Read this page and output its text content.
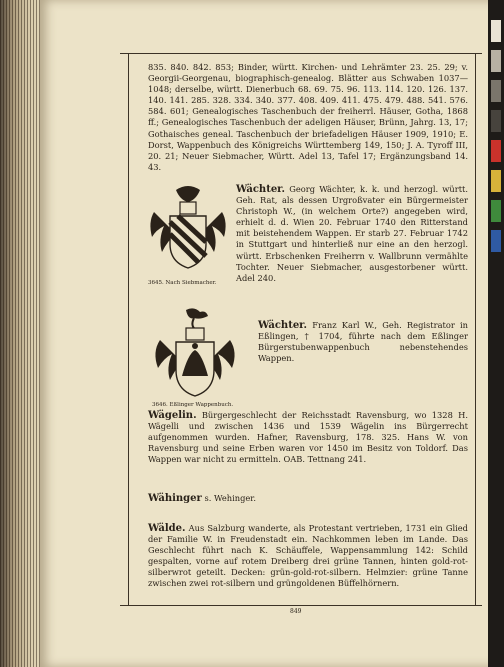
835. 840. 842. 853; Binder, württ. Kirchen- und Lehrämter 23. 25. 29; v. Georgii-Georgenau, biographisch-genealog. Blätter aus Schwaben 1037—1048; derselbe, württ. Dienerbuch 68. 69. 75. 96. 113. 114. 120. 126. 137. 140. 141. 285. 328. 334. 340. 377. 408. 409. 411. 475. 479. 488. 541. 576. 584. 601; Genealogisches Taschenbuch der freiherrl. Häuser, Gotha, 1868 ff.; Genealogisches Taschenbuch der adeligen Häuser, Brünn, Jahrg. 13, 17; Gothaisches geneal. Taschenbuch der briefadeligen Häuser 1909, 1910; E. Dorst, Wappenbuch des Königreichs Württemberg 149, 150; J. A. Tyroff III, 20. 21; Neuer Siebmacher, Württ. Adel 13, Tafel 17; Ergänzungsband 14. 43.
3645. Nach Siebmacher.
Wächter. Georg Wächter, k. k. und herzogl. württ. Geh. Rat, als dessen Urgroßvater ein Bürgermeister Christoph W., (in welchem Orte?) angegeben wird, erhielt d. d. Wien 20. Februar 1740 den Ritterstand mit beistehendem Wappen. Er starb 27. Februar 1742 in Stuttgart und hinterließ nur eine an den herzogl. württ. Erbschenken Freiherrn v. Wallbrunn vermählte Tochter. Neuer Siebmacher, ausgestorbener württ. Adel 240.
3646. Eßlinger Wappenbuch.
Wächter. Franz Karl W., Geh. Registrator in Eßlingen, † 1704, führte nach dem Eßlinger Bürgerstubenwappenbuch nebenstehendes Wappen.
Wägelin. Bürgergeschlecht der Reichsstadt Ravensburg, wo 1328 H. Wägelli und zwischen 1436 und 1539 Wägelin ins Bürgerrecht aufgenommen wurden. Hafner, Ravensburg, 178. 325. Hans W. von Ravensburg und seine Erben waren vor 1450 im Besitz von Toldorf. Das Wappen war nicht zu ermitteln. OAB. Tettnang 241.
Wähinger s. Wehinger.
Wälde. Aus Salzburg wanderte, als Protestant vertrieben, 1731 ein Glied der Familie W. in Freudenstadt ein. Nachkommen leben im Lande. Das Geschlecht führt nach K. Schäuffele, Wappensammlung 142: Schild gespalten, vorne auf rotem Dreiberg drei grüne Tannen, hinten gold-rot-silberwrot geteilt. Decken: grün-gold-rot-silbern. Helmzier: grüne Tanne zwischen zwei rot-silbern und grüngoldenen Büffelhörnern.
849
